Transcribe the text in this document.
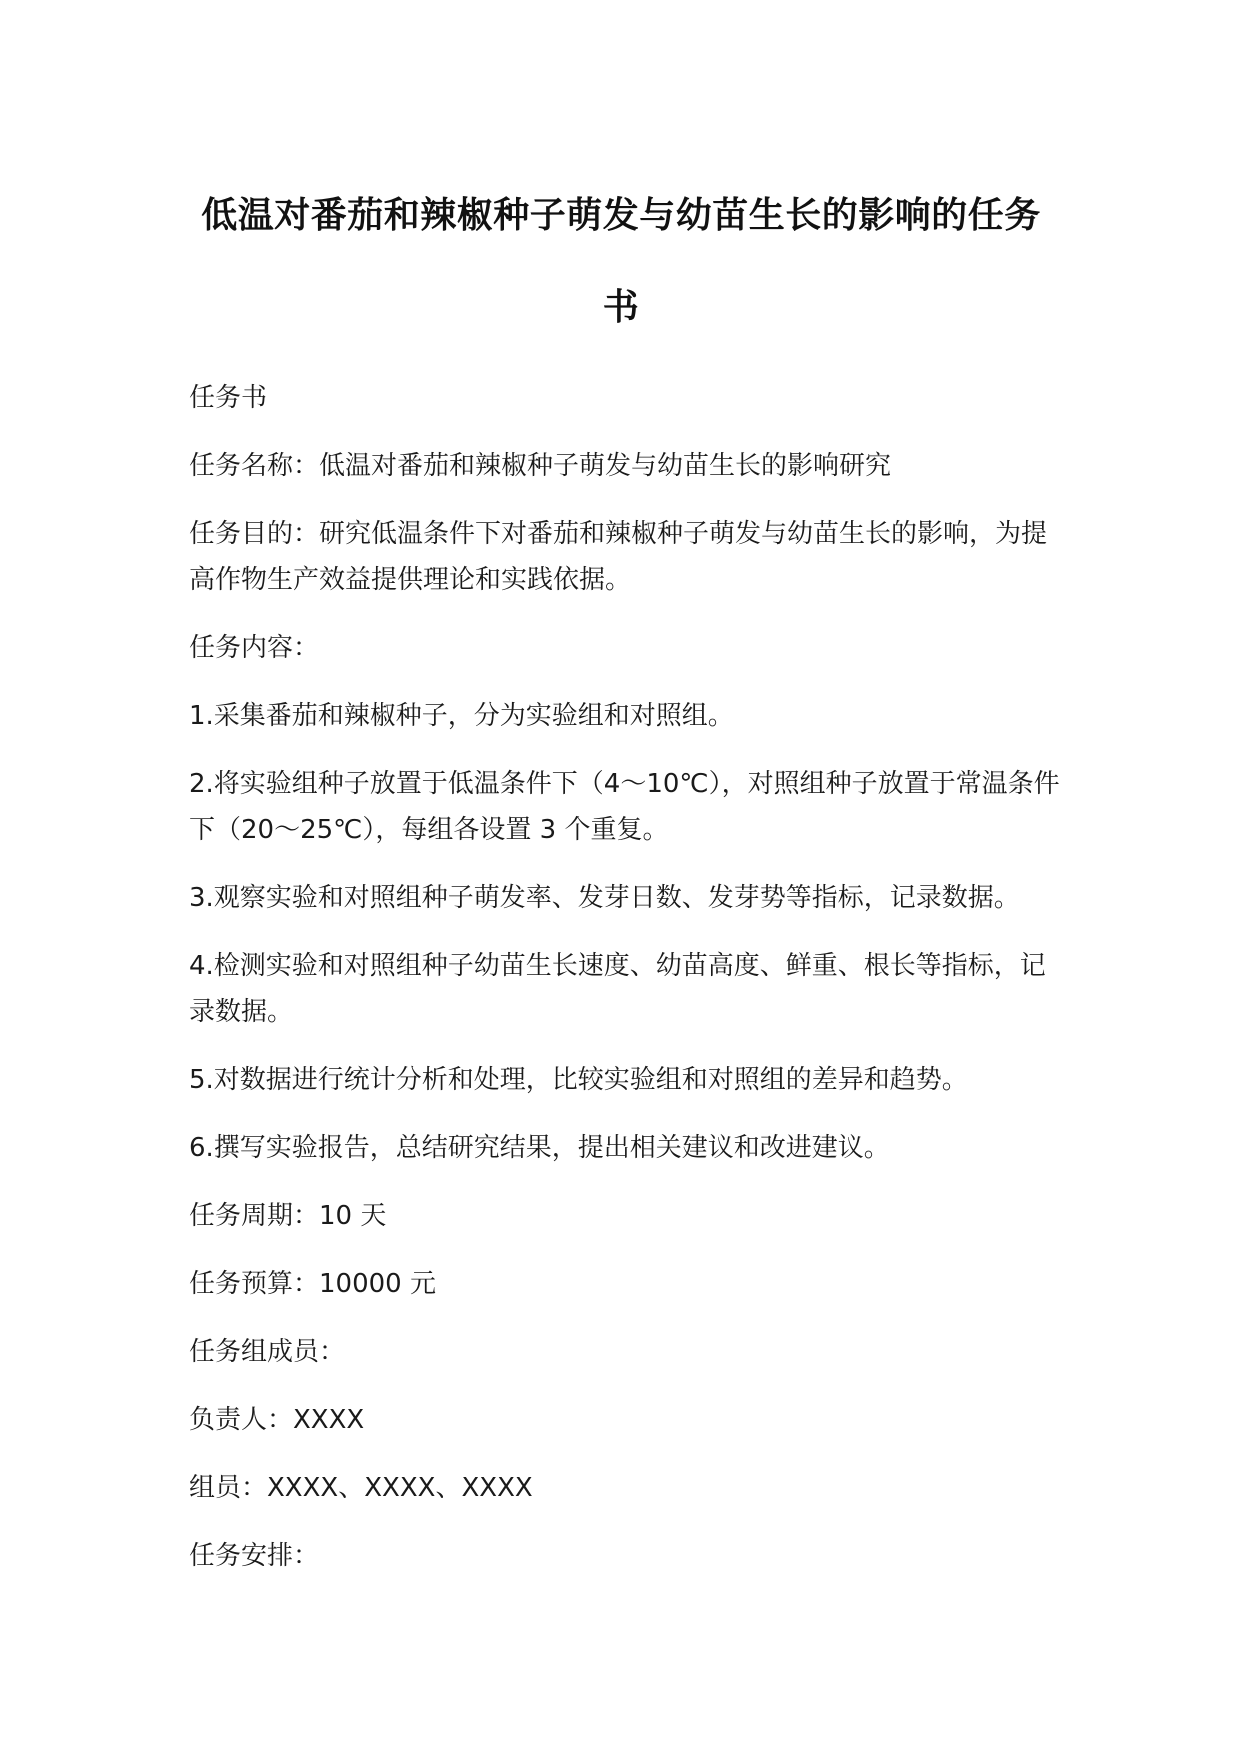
低温对番茄和辣椒种子萌发与幼苗生长的影响的任务书

任务书

任务名称：低温对番茄和辣椒种子萌发与幼苗生长的影响研究

任务目的：研究低温条件下对番茄和辣椒种子萌发与幼苗生长的影响，为提高作物生产效益提供理论和实践依据。

任务内容：

1.采集番茄和辣椒种子，分为实验组和对照组。

2.将实验组种子放置于低温条件下（4～10℃），对照组种子放置于常温条件下（20～25℃），每组各设置 3 个重复。

3.观察实验和对照组种子萌发率、发芽日数、发芽势等指标，记录数据。

4.检测实验和对照组种子幼苗生长速度、幼苗高度、鲜重、根长等指标，记录数据。

5.对数据进行统计分析和处理，比较实验组和对照组的差异和趋势。

6.撰写实验报告，总结研究结果，提出相关建议和改进建议。

任务周期：10 天

任务预算：10000 元

任务组成员：

负责人：XXXX

组员：XXXX、XXXX、XXXX

任务安排：
